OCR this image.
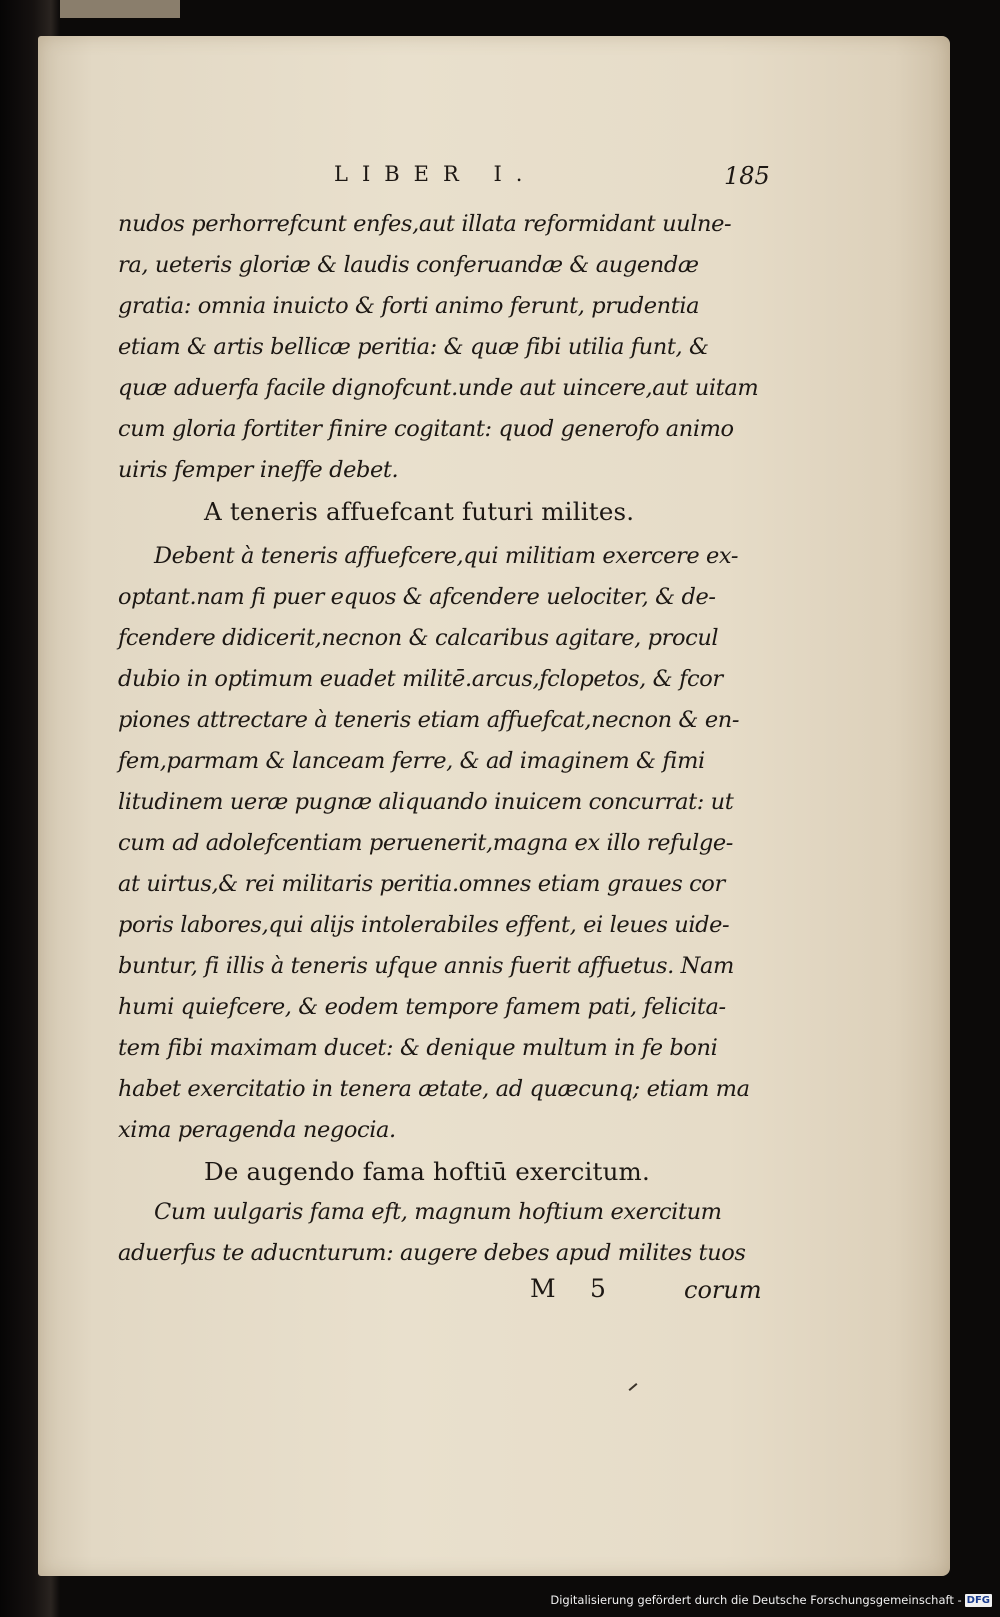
LIBER I.	185
nudos perhorrefcunt enfes,aut illata reformidant uulne-
ra, ueteris gloriæ & laudis conferuandæ & augendæ
gratia: omnia inuicto & forti animo ferunt, prudentia
etiam & artis bellicæ peritia: & quæ fibi utilia funt, &
quæ aduerfa facile dignofcunt.unde aut uincere,aut uitam
cum gloria fortiter finire cogitant: quod generofo animo
uiris femper ineffe debet.
A teneris affuefcant futuri milites.
Debent à teneris affuefcere,qui militiam exercere ex-
optant.nam fi puer equos & afcendere uelociter, & de-
fcendere didicerit,necnon & calcaribus agitare, procul
dubio in optimum euadet militē.arcus,fclopetos, & fcor
piones attrectare à teneris etiam affuefcat,necnon & en-
fem,parmam & lanceam ferre, & ad imaginem & fimi
litudinem ueræ pugnæ aliquando inuicem concurrat: ut
cum ad adolefcentiam peruenerit,magna ex illo refulge-
at uirtus,& rei militaris peritia.omnes etiam graues cor
poris labores,qui alijs intolerabiles effent, ei leues uide-
buntur, fi illis à teneris ufque annis fuerit affuetus. Nam
humi quiefcere, & eodem tempore famem pati, felicita-
tem fibi maximam ducet: & denique multum in fe boni
habet exercitatio in tenera ætate, ad quæcunq; etiam ma
xima peragenda negocia.
De augendo fama hoftiū exercitum.
Cum uulgaris fama eft, magnum hoftium exercitum
aduerfus te aducnturum: augere debes apud milites tuos
M 5	corum
Digitalisierung gefördert durch die Deutsche Forschungsgemeinschaft - DFG
